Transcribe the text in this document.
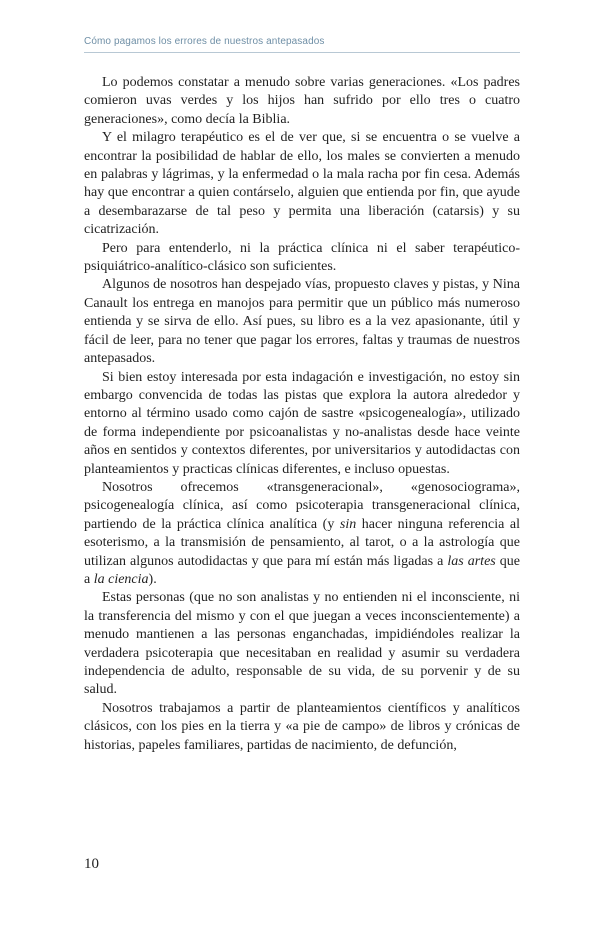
Cómo pagamos los errores de nuestros antepasados

Lo podemos constatar a menudo sobre varias generaciones. «Los padres comieron uvas verdes y los hijos han sufrido por ello tres o cuatro generaciones», como decía la Biblia.

Y el milagro terapéutico es el de ver que, si se encuentra o se vuelve a encontrar la posibilidad de hablar de ello, los males se convierten a menudo en palabras y lágrimas, y la enfermedad o la mala racha por fin cesa. Además hay que encontrar a quien contárselo, alguien que entienda por fin, que ayude a desembarazarse de tal peso y permita una liberación (catarsis) y su cicatrización.

Pero para entenderlo, ni la práctica clínica ni el saber terapéutico-psiquiátrico-analítico-clásico son suficientes.

Algunos de nosotros han despejado vías, propuesto claves y pistas, y Nina Canault los entrega en manojos para permitir que un público más numeroso entienda y se sirva de ello. Así pues, su libro es a la vez apasionante, útil y fácil de leer, para no tener que pagar los errores, faltas y traumas de nuestros antepasados.

Si bien estoy interesada por esta indagación e investigación, no estoy sin embargo convencida de todas las pistas que explora la autora alrededor y entorno al término usado como cajón de sastre «psicogenealogía», utilizado de forma independiente por psicoanalistas y no-analistas desde hace veinte años en sentidos y contextos diferentes, por universitarios y autodidactas con planteamientos y practicas clínicas diferentes, e incluso opuestas.

Nosotros ofrecemos «transgeneracional», «genosociograma», psicogenealogía clínica, así como psicoterapia transgeneracional clínica, partiendo de la práctica clínica analítica (y sin hacer ninguna referencia al esoterismo, a la transmisión de pensamiento, al tarot, o a la astrología que utilizan algunos autodidactas y que para mí están más ligadas a las artes que a la ciencia).

Estas personas (que no son analistas y no entienden ni el inconsciente, ni la transferencia del mismo y con el que juegan a veces inconscientemente) a menudo mantienen a las personas enganchadas, impidiéndoles realizar la verdadera psicoterapia que necesitaban en realidad y asumir su verdadera independencia de adulto, responsable de su vida, de su porvenir y de su salud.

Nosotros trabajamos a partir de planteamientos científicos y analíticos clásicos, con los pies en la tierra y «a pie de campo» de libros y crónicas de historias, papeles familiares, partidas de nacimiento, de defunción,

10
